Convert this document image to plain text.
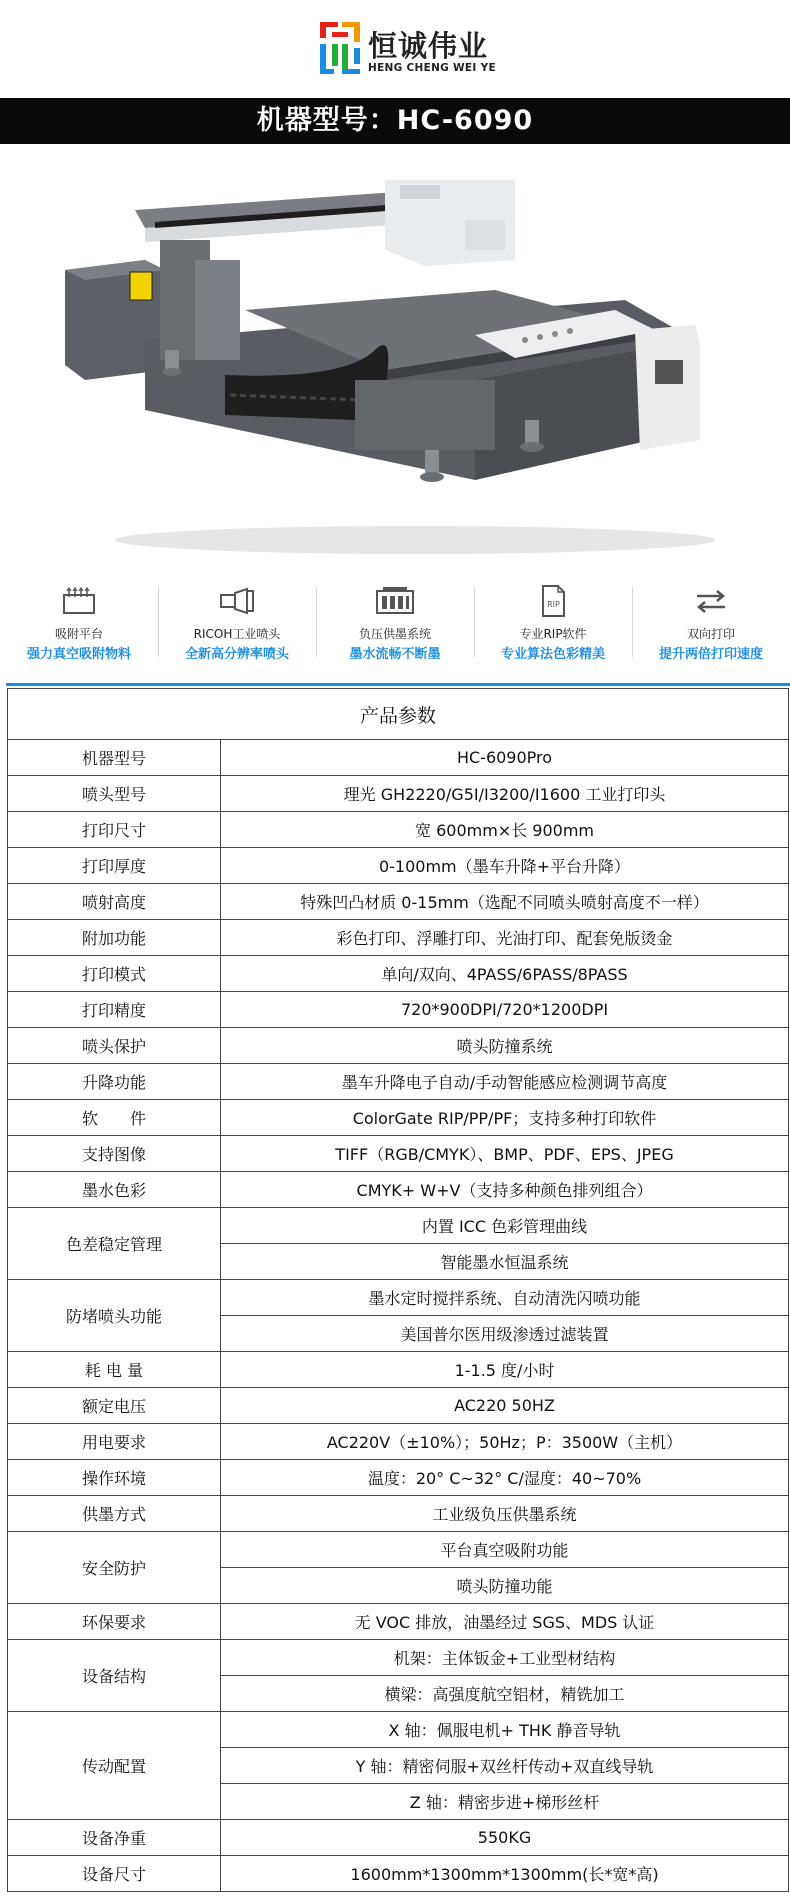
恒诚伟业
HENG CHENG WEI YE
机器型号：HC-6090
吸附平台
强力真空吸附物料
RICOH工业喷头
全新高分辨率喷头
负压供墨系统
墨水流畅不断墨
RIP
专业RIP软件
专业算法色彩精美
双向打印
提升两倍打印速度
产品参数	
机器型号	HC-6090Pro
喷头型号	理光 GH2220/G5I/I3200/I1600 工业打印头
打印尺寸	宽 600mm×长 900mm
打印厚度	0-100mm（墨车升降+平台升降）
喷射高度	特殊凹凸材质 0-15mm（选配不同喷头喷射高度不一样）
附加功能	彩色打印、浮雕打印、光油打印、配套免版烫金
打印模式	单向/双向、4PASS/6PASS/8PASS
打印精度	720*900DPI/720*1200DPI
喷头保护	喷头防撞系统
升降功能	墨车升降电子自动/手动智能感应检测调节高度
软　　件	ColorGate RIP/PP/PF；支持多种打印软件
支持图像	TIFF（RGB/CMYK）、BMP、PDF、EPS、JPEG
墨水色彩	CMYK+ W+V（支持多种颜色排列组合）
色差稳定管理	内置 ICC 色彩管理曲线
	智能墨水恒温系统
防堵喷头功能	墨水定时搅拌系统、自动清洗闪喷功能
	美国普尔医用级渗透过滤装置
耗 电 量	1-1.5 度/小时
额定电压	AC220 50HZ
用电要求	AC220V（±10%）；50Hz；P：3500W（主机）
操作环境	温度：20° C~32° C/湿度：40~70%
供墨方式	工业级负压供墨系统
安全防护	平台真空吸附功能
	喷头防撞功能
环保要求	无 VOC 排放，油墨经过 SGS、MDS 认证
设备结构	机架：主体钣金+工业型材结构
	横梁：高强度航空铝材，精铣加工
传动配置	X 轴：佩服电机+ THK 静音导轨
	Y 轴：精密伺服+双丝杆传动+双直线导轨
	Z 轴：精密步进+梯形丝杆
设备净重	550KG
设备尺寸	1600mm*1300mm*1300mm(长*宽*高)
